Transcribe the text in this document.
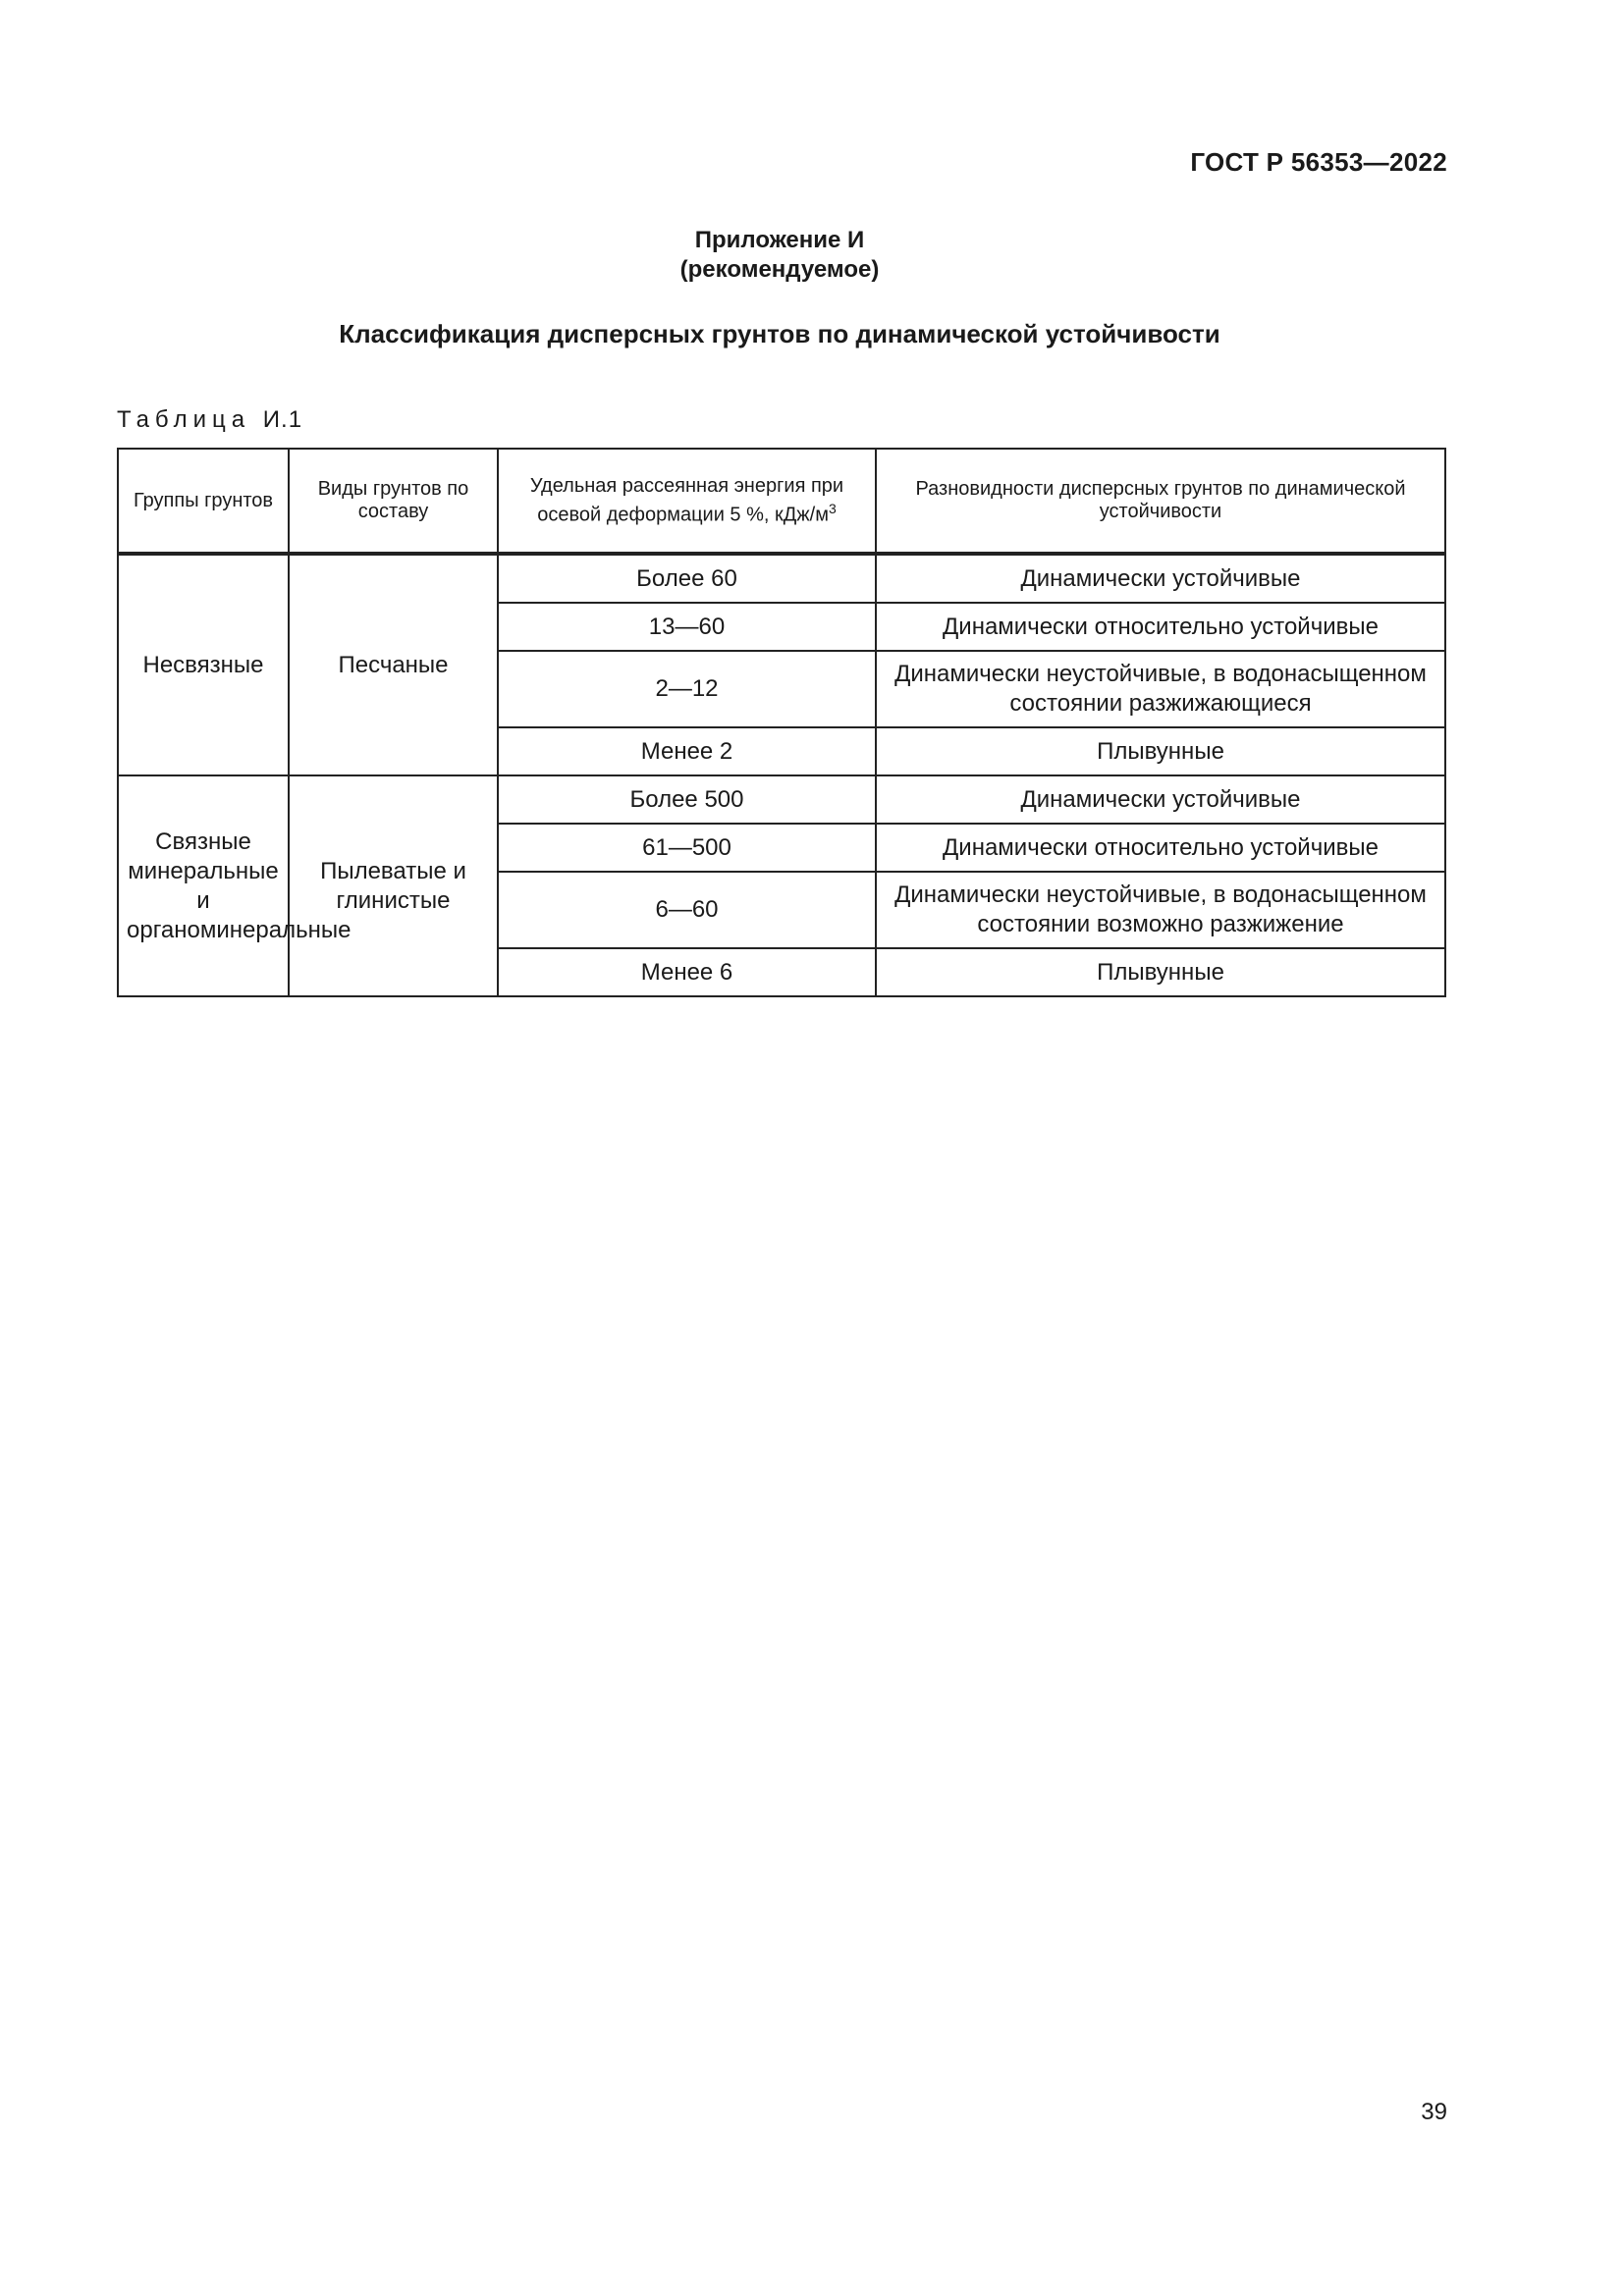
ГОСТ Р 56353—2022
Приложение И
(рекомендуемое)
Классификация дисперсных грунтов по динамической устойчивости
Таблица И.1
Группы грунтов	Виды грунтов по составу	Удельная рассеянная энергия при осевой деформации 5 %, кДж/$м^3$	Разновидности дисперсных грунтов по динамической устойчивости
Несвязные	Песчаные	Более 60	Динамически устойчивые
		13—60	Динамически относительно устойчивые
		2—12	Динамически неустойчивые, в водонасыщенном состоянии разжижающиеся
		Менее 2	Плывунные
Связные минеральные и органоминеральные	Пылеватые и глинистые	Более 500	Динамически устойчивые
		61—500	Динамически относительно устойчивые
		6—60	Динамически неустойчивые, в водонасыщенном состоянии возможно разжижение
		Менее 6	Плывунные
39
